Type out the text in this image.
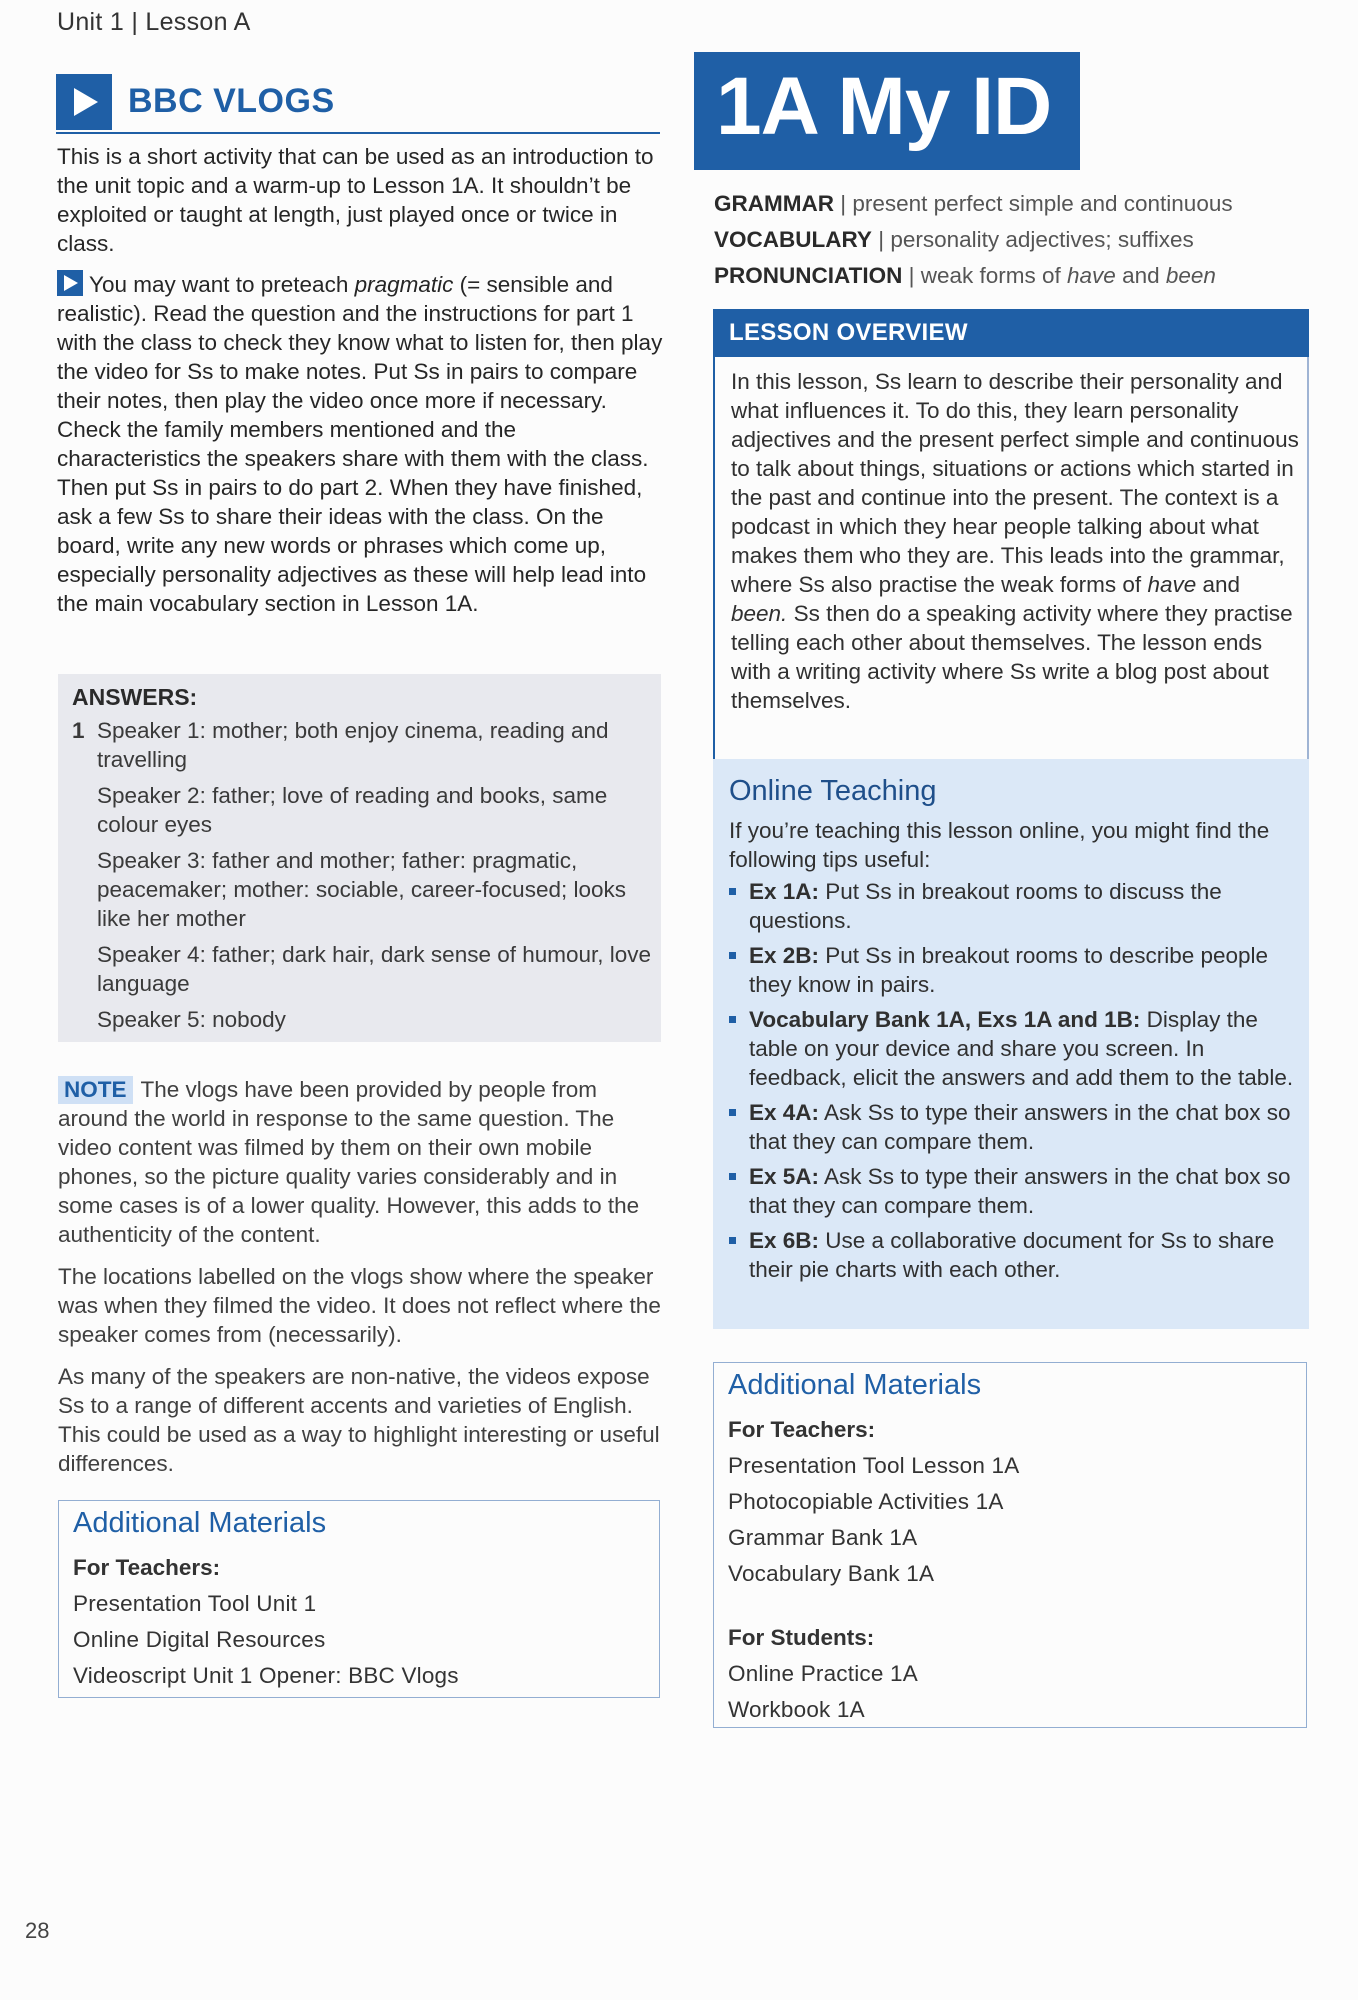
Unit 1 | Lesson A
BBC VLOGS
This is a short activity that can be used as an introduction to the unit topic and a warm-up to Lesson 1A. It shouldn’t be exploited or taught at length, just played once or twice in class.
You may want to preteach pragmatic (= sensible and realistic). Read the question and the instructions for part 1 with the class to check they know what to listen for, then play the video for Ss to make notes. Put Ss in pairs to compare their notes, then play the video once more if necessary. Check the family members mentioned and the characteristics the speakers share with them with the class. Then put Ss in pairs to do part 2. When they have finished, ask a few Ss to share their ideas with the class. On the board, write any new words or phrases which come up, especially personality adjectives as these will help lead into the main vocabulary section in Lesson 1A.
ANSWERS:
1 Speaker 1: mother; both enjoy cinema, reading and travelling
Speaker 2: father; love of reading and books, same colour eyes
Speaker 3: father and mother; father: pragmatic, peacemaker; mother: sociable, career-focused; looks like her mother
Speaker 4: father; dark hair, dark sense of humour, love language
Speaker 5: nobody

NOTE The vlogs have been provided by people from around the world in response to the same question. The video content was filmed by them on their own mobile phones, so the picture quality varies considerably and in some cases is of a lower quality. However, this adds to the authenticity of the content.

The locations labelled on the vlogs show where the speaker was when they filmed the video. It does not reflect where the speaker comes from (necessarily).

As many of the speakers are non-native, the videos expose Ss to a range of different accents and varieties of English. This could be used as a way to highlight interesting or useful differences.

Additional Materials
For Teachers:
Presentation Tool Unit 1
Online Digital Resources
Videoscript Unit 1 Opener: BBC Vlogs
1A My ID
GRAMMAR | present perfect simple and continuous
VOCABULARY | personality adjectives; suffixes
PRONUNCIATION | weak forms of have and been
LESSON OVERVIEW
In this lesson, Ss learn to describe their personality and what influences it. To do this, they learn personality adjectives and the present perfect simple and continuous to talk about things, situations or actions which started in the past and continue into the present. The context is a podcast in which they hear people talking about what makes them who they are. This leads into the grammar, where Ss also practise the weak forms of have and been. Ss then do a speaking activity where they practise telling each other about themselves. The lesson ends with a writing activity where Ss write a blog post about themselves.
Online Teaching
If you’re teaching this lesson online, you might find the following tips useful:
Ex 1A: Put Ss in breakout rooms to discuss the questions.
Ex 2B: Put Ss in breakout rooms to describe people they know in pairs.
Vocabulary Bank 1A, Exs 1A and 1B: Display the table on your device and share you screen. In feedback, elicit the answers and add them to the table.
Ex 4A: Ask Ss to type their answers in the chat box so that they can compare them.
Ex 5A: Ask Ss to type their answers in the chat box so that they can compare them.
Ex 6B: Use a collaborative document for Ss to share their pie charts with each other.
Additional Materials
For Teachers:
Presentation Tool Lesson 1A
Photocopiable Activities 1A
Grammar Bank 1A
Vocabulary Bank 1A
For Students:
Online Practice 1A
Workbook 1A
28
